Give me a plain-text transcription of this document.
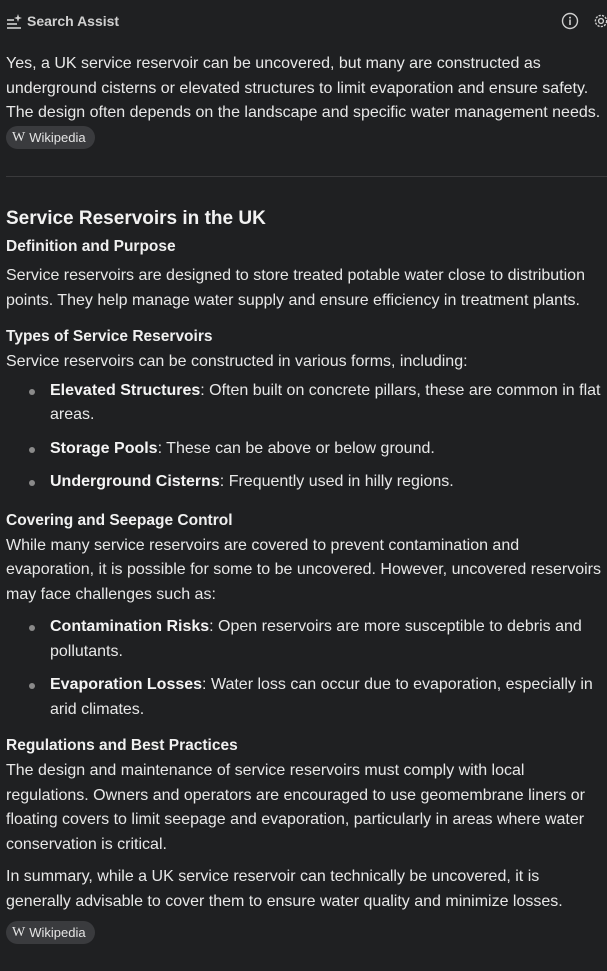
Search Assist

Yes, a UK service reservoir can be uncovered, but many are constructed as underground cisterns or elevated structures to limit evaporation and ensure safety. The design often depends on the landscape and specific water management needs.
W Wikipedia

Service Reservoirs in the UK
Definition and Purpose

Service reservoirs are designed to store treated potable water close to distribution points. They help manage water supply and ensure efficiency in treatment plants.

Types of Service Reservoirs

Service reservoirs can be constructed in various forms, including:

Elevated Structures: Often built on concrete pillars, these are common in flat areas.
Storage Pools: These can be above or below ground.
Underground Cisterns: Frequently used in hilly regions.
Covering and Seepage Control

While many service reservoirs are covered to prevent contamination and evaporation, it is possible for some to be uncovered. However, uncovered reservoirs may face challenges such as:

Contamination Risks: Open reservoirs are more susceptible to debris and pollutants.
Evaporation Losses: Water loss can occur due to evaporation, especially in arid climates.
Regulations and Best Practices

The design and maintenance of service reservoirs must comply with local regulations. Owners and operators are encouraged to use geomembrane liners or floating covers to limit seepage and evaporation, particularly in areas where water conservation is critical.

In summary, while a UK service reservoir can technically be uncovered, it is generally advisable to cover them to ensure water quality and minimize losses.

W Wikipedia
